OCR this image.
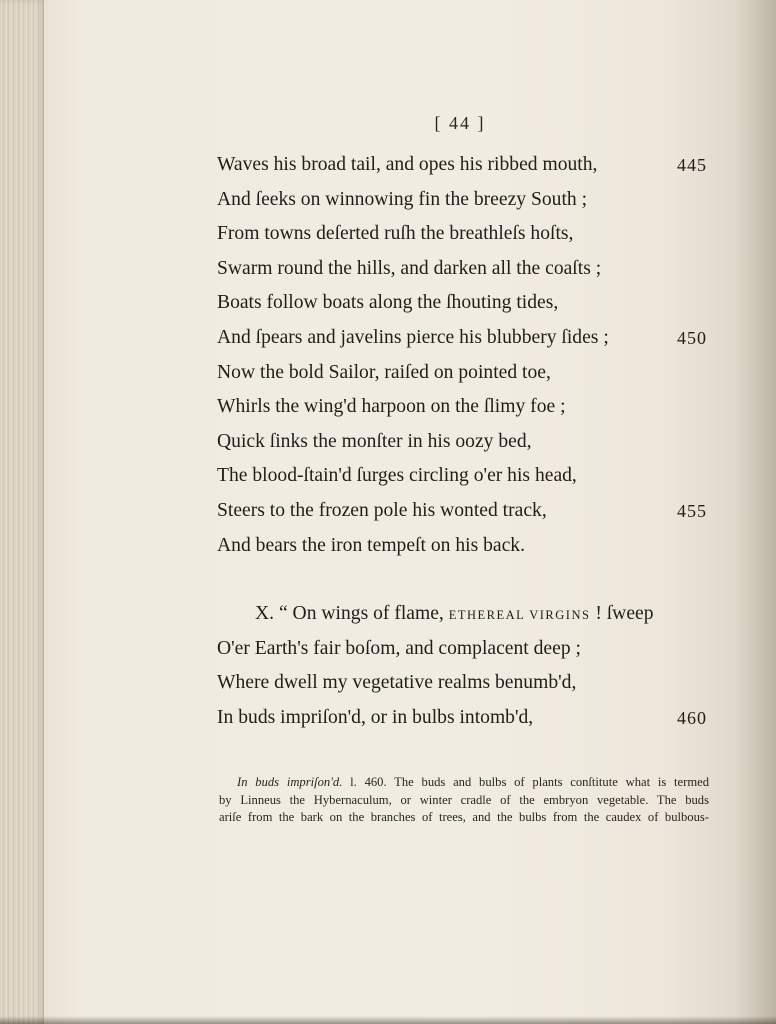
[ 44 ]
Waves his broad tail, and opes his ribbed mouth,	445
And ſeeks on winnowing fin the breezy South ;
From towns deſerted ruſh the breathleſs hoſts,
Swarm round the hills, and darken all the coaſts ;
Boats follow boats along the ſhouting tides,
And ſpears and javelins pierce his blubbery ſides ;	450
Now the bold Sailor, raiſed on pointed toe,
Whirls the wing'd harpoon on the ſlimy foe ;
Quick ſinks the monſter in his oozy bed,
The blood-ſtain'd ſurges circling o'er his head,
Steers to the frozen pole his wonted track,	455
And bears the iron tempeſt on his back.
X. “ On wings of flame, ETHEREAL VIRGINS ! ſweep
O'er Earth's fair boſom, and complacent deep ;
Where dwell my vegetative realms benumb'd,
In buds impriſon'd, or in bulbs intomb'd,	460
In buds impriſon'd. l. 460. The buds and bulbs of plants conſtitute what is termed
by Linneus the Hybernaculum, or winter cradle of the embryon vegetable. The buds
ariſe from the bark on the branches of trees, and the bulbs from the caudex of bulbous-
